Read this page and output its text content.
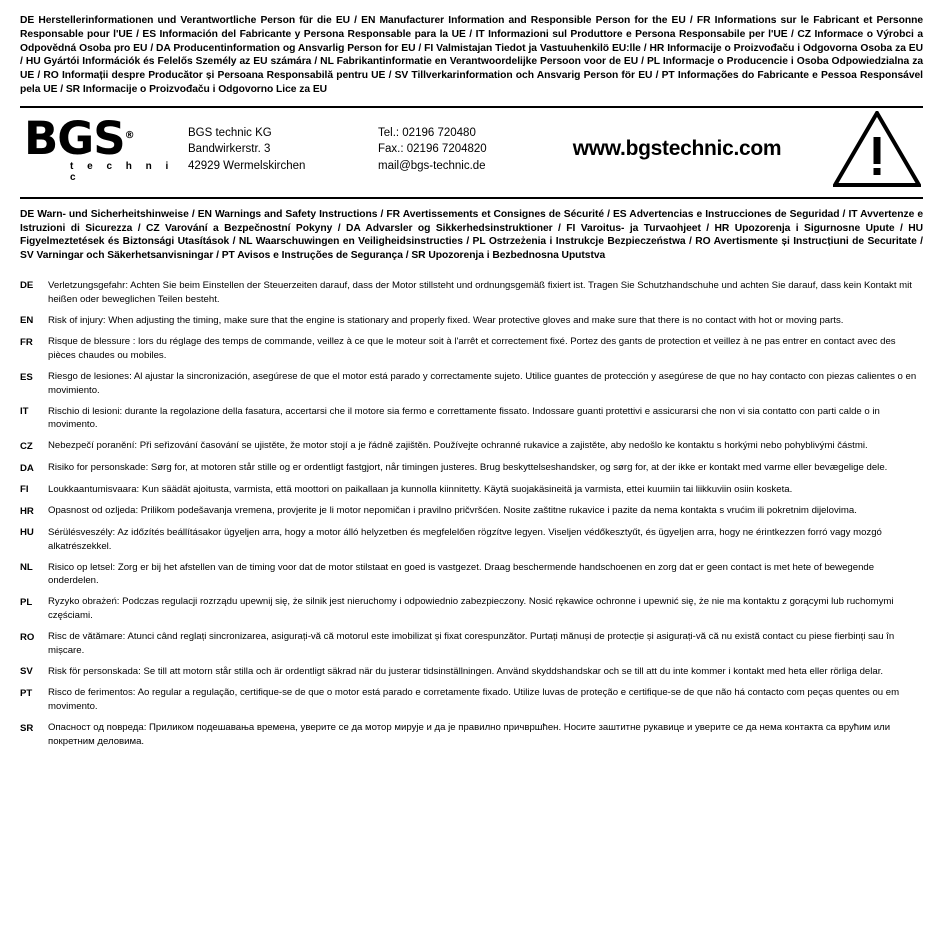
DE Herstellerinformationen und Verantwortliche Person für die EU / EN Manufacturer Information and Responsible Person for the EU / FR Informations sur le Fabricant et Personne Responsable pour l'UE / ES Información del Fabricante y Persona Responsable para la UE / IT Informazioni sul Produttore e Persona Responsabile per l'UE / CZ Informace o Výrobci a Odpovědná Osoba pro EU / DA Producentinformation og Ansvarlig Person for EU / FI Valmistajan Tiedot ja Vastuuhenkilö EU:lle / HR Informacije o Proizvođaču i Odgovorna Osoba za EU / HU Gyártói Információk és Felelős Személy az EU számára / NL Fabrikantinformatie en Verantwoordelijke Persoon voor de EU / PL Informacje o Producencie i Osoba Odpowiedzialna za UE / RO Informații despre Producător și Persoana Responsabilă pentru UE / SV Tillverkarinformation och Ansvarig Person för EU / PT Informações do Fabricante e Pessoa Responsável pela UE / SR Informacije o Proizvođaču i Odgovorno Lice za EU
BGS®
t e c h n i c
BGS technic KG
Bandwirkerstr. 3
42929 Wermelskirchen
Tel.: 02196 720480
Fax.: 02196 7204820
mail@bgs-technic.de
www.bgstechnic.com
DE Warn- und Sicherheitshinweise / EN Warnings and Safety Instructions / FR Avertissements et Consignes de Sécurité / ES Advertencias e Instrucciones de Seguridad / IT Avvertenze e Istruzioni di Sicurezza / CZ Varování a Bezpečnostní Pokyny / DA Advarsler og Sikkerhedsinstruktioner / FI Varoitus- ja Turvaohjeet / HR Upozorenja i Sigurnosne Upute / HU Figyelmeztetések és Biztonsági Utasítások / NL Waarschuwingen en Veiligheidsinstructies / PL Ostrzeżenia i Instrukcje Bezpieczeństwa / RO Avertismente și Instrucțiuni de Securitate / SV Varningar och Säkerhetsanvisningar / PT Avisos e Instruções de Segurança / SR Upozorenja i Bezbednosna Uputstva
DE	Verletzungsgefahr: Achten Sie beim Einstellen der Steuerzeiten darauf, dass der Motor stillsteht und ordnungsgemäß fixiert ist. Tragen Sie Schutzhandschuhe und achten Sie darauf, dass kein Kontakt mit heißen oder beweglichen Teilen besteht.
EN	Risk of injury: When adjusting the timing, make sure that the engine is stationary and properly fixed. Wear protective gloves and make sure that there is no contact with hot or moving parts.
FR	Risque de blessure : lors du réglage des temps de commande, veillez à ce que le moteur soit à l'arrêt et correctement fixé. Portez des gants de protection et veillez à ne pas entrer en contact avec des pièces chaudes ou mobiles.
ES	Riesgo de lesiones: Al ajustar la sincronización, asegúrese de que el motor está parado y correctamente sujeto. Utilice guantes de protección y asegúrese de que no hay contacto con piezas calientes o en movimiento.
IT	Rischio di lesioni: durante la regolazione della fasatura, accertarsi che il motore sia fermo e correttamente fissato. Indossare guanti protettivi e assicurarsi che non vi sia contatto con parti calde o in movimento.
CZ	Nebezpečí poranění: Při seřizování časování se ujistěte, že motor stojí a je řádně zajištěn. Používejte ochranné rukavice a zajistěte, aby nedošlo ke kontaktu s horkými nebo pohyblivými částmi.
DA	Risiko for personskade: Sørg for, at motoren står stille og er ordentligt fastgjort, når timingen justeres. Brug beskyttelseshandsker, og sørg for, at der ikke er kontakt med varme eller bevægelige dele.
FI	Loukkaantumisvaara: Kun säädät ajoitusta, varmista, että moottori on paikallaan ja kunnolla kiinnitetty. Käytä suojakäsineitä ja varmista, ettei kuumiin tai liikkuviin osiin kosketa.
HR	Opasnost od ozljeda: Prilikom podešavanja vremena, provjerite je li motor nepomičan i pravilno pričvršćen. Nosite zaštitne rukavice i pazite da nema kontakta s vrućim ili pokretnim dijelovima.
HU	Sérülésveszély: Az időzítés beállításakor ügyeljen arra, hogy a motor álló helyzetben és megfelelően rögzítve legyen. Viseljen védőkesztyűt, és ügyeljen arra, hogy ne érintkezzen forró vagy mozgó alkatrészekkel.
NL	Risico op letsel: Zorg er bij het afstellen van de timing voor dat de motor stilstaat en goed is vastgezet. Draag beschermende handschoenen en zorg dat er geen contact is met hete of bewegende onderdelen.
PL	Ryzyko obrażeń: Podczas regulacji rozrządu upewnij się, że silnik jest nieruchomy i odpowiednio zabezpieczony. Nosić rękawice ochronne i upewnić się, że nie ma kontaktu z gorącymi lub ruchomymi częściami.
RO	Risc de vătămare: Atunci când reglați sincronizarea, asigurați-vă că motorul este imobilizat și fixat corespunzător. Purtați mănuși de protecție și asigurați-vă că nu există contact cu piese fierbinți sau în mișcare.
SV	Risk för personskada: Se till att motorn står stilla och är ordentligt säkrad när du justerar tidsinställningen. Använd skyddshandskar och se till att du inte kommer i kontakt med heta eller rörliga delar.
PT	Risco de ferimentos: Ao regular a regulação, certifique-se de que o motor está parado e corretamente fixado. Utilize luvas de proteção e certifique-se de que não há contacto com peças quentes ou em movimento.
SR	Опасност од повреда: Приликом подешавања времена, уверите се да мотор мирује и да је правилно причвршћен. Носите заштитне рукавице и уверите се да нема контакта са врућим или покретним деловима.
